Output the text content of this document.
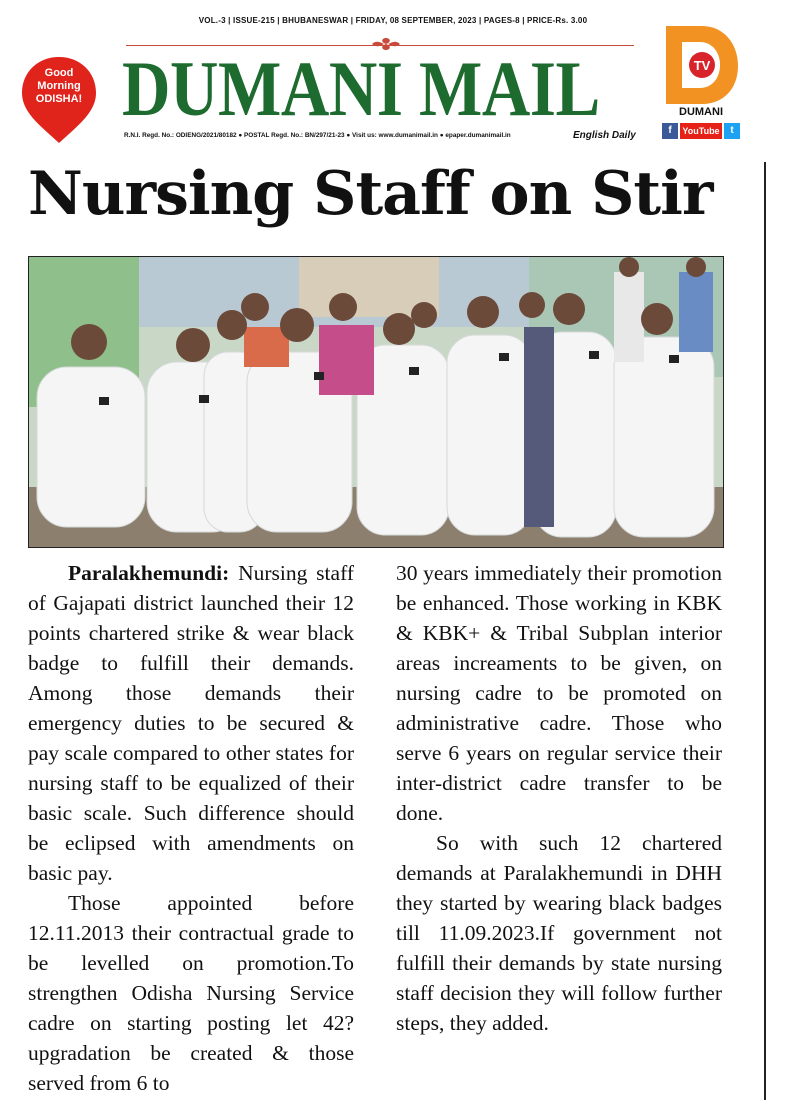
VOL.-3 | ISSUE-215 | BHUBANESWAR | FRIDAY, 08 SEPTEMBER, 2023 | PAGES-8 | PRICE-Rs. 3.00
Good
Morning
ODISHA! DUMANI MAIL
R.N.I. Regd. No.: ODIENG/2021/80182 ● POSTAL Regd. No.: BN/297/21-23 ● Visit us: www.dumanimail.in ● epaper.dumanimail.in	English Daily
TV
DUMANI
f	YouTube	t
Nursing Staff on Stir

Paralakhemundi: Nursing staff of Gajapati district launched their 12 points chartered strike & wear black badge to fulfill their demands. Among those demands their emergency duties to be secured & pay scale compared to other states for nursing staff to be equalized of their basic scale. Such difference should be eclipsed with amendments on basic pay.

Those appointed before 12.11.2013 their contractual grade to be levelled on promotion.To strengthen Odisha Nursing Service cadre on starting posting let 42? upgradation be created & those served from 6 to

30 years immediately their promotion be enhanced. Those working in KBK & KBK+ & Tribal Subplan interior areas increaments to be given, on nursing cadre to be promoted on administrative cadre. Those who serve 6 years on regular service their inter-district cadre transfer to be done.

So with such 12 chartered demands at Paralakhemundi in DHH they started by wearing black badges till 11.09.2023.If government not fulfill their demands by state nursing staff decision they will follow further steps, they added.
